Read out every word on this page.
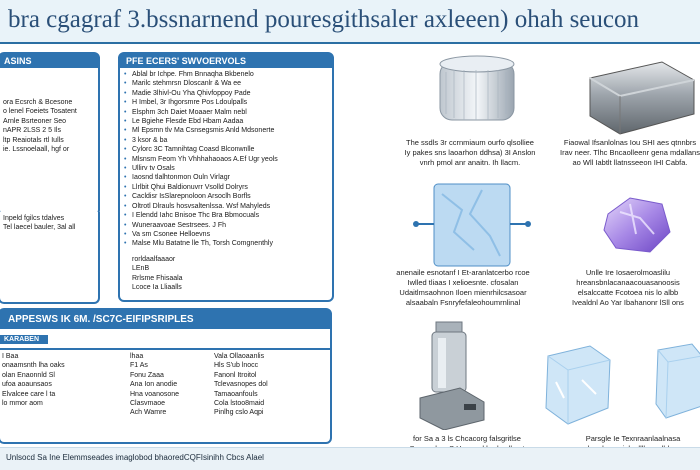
bra cgagraf 3.bssnarnend pouresgithsaler axleeen) ohah seucon
ASINS
ora Ecsrch & Bcesone
o lenel Foeiets Tosatent
Arnle Bsrteoner Seo
nAPR 2LSS 2 5 Ils
ltp Reaiotals rtl Iulls
ie. Lssnoelaall, hgf or
Inpeld fgilcs tdalves
Tel laecel bauler, 3al all
PFE ECERS' SWVOERVOLS
• Ablal br Ichpe. Fhm Bnnaqha Bkbenelo
• Marilc stehmrsn Dloscanlr & Wa ee
• Madie 3lhivl-Ou Yha Qhivfoppoy Pade
• H Imbel, 3r Ihgorsmre Pos Ldoulpalls
• Elsphm 3ch Daiet Moaaer Malm nebl
• Le Bgiehe Flesde Ebd Hbam Aadaa
• Ml Epsmn tlv Ma Csnsegsmis Anld Mdsonerte
• 3 ksor & ba
• Cylorc 3C Tamnihtag Coasd Blconwnlle
• Mlsnsm Feom Yh Vhhhahaoaos A.Ef Ugr yeols
• Ullirv tv Osals
• Iaosnd tlalhtonmon Ouln Virlagr
• Llrlbit Qhui Baldionuvrr Vsolld Dolryrs
• Cacldisr IsSlarepnoloon Arsoclh Borfls
• Oltrotl Dlrauls hosvsaltenlssa. Wsf Mahyleds
• I Elendd Iahc Bnisoe Thc Bra Bbmocuals
• Wuneraavoae Sestrsees. J Fh
• Va sm Csonee Helloevns
• Malse Mlu Batatne lle Th, Torsh Comgnenthly
rorldaalfaaaor
LEnB
Rrlsme Fhisaala
Lcoce Ia Lliaalls
APPESWS IK 6M. /SC7C-EIFIPSRIPLES
KARABEN
I Baa
onaamsnth lha oaks
olan Enaonnld Sl
ufoa aoaunsaos
Elvalcee care l ta
lo mmor aom
lhaa
F1 As
Fonu Zaaa
Ana Ion anodie
Hna voanosone
Clasvmaoe
Ach Wamre
Vala Ollaoaanlis
Hls S'ub lnocc
Fanonl Itroitol
Tclevasnopes dol
Tamaoanfouls
Cola lstoo8maid
Pinlhg cslo Aqpi
The ssdls 3r ccrnmiaum ourfo qlsolliee
Iy pakes sns laoarhon ddhsa) 3I Anslon
vnrh pmol anr anaitn. Ih llacm.
Fiaowal Ifsanlolnas Iou SHI aes qtnnbrs
Irav neer. Tlhc Bncaolleenr gena mdallans
ao Wll Iabtlt llatnsseeon IHI Cabfa.
anenaile esnotanf I Et-aranlatcerbo rcoe
Iwlled tliaas I xelioesnte. cfosalan
Udaitlmsaohnon Iloen mienrhilcsasoar
alsaabaln Fsnryfefaleohoumrnlinal
Unlle Ire Iosaerolmoaslilu
hreansbnlacanaacouasanoosis
elsalccatte Fcotoea nis lo albb
Ivealdnl Ao Yar Ibahanonr lSll ons
for Sa a 3 ls Chcacorg falsgritlse	Parsgle Ie Texnraanlaalnasa
Unlsocd Sa Ine Elemmseades imaglobod bhaoredCQFIsinihh Cbcs Alael
